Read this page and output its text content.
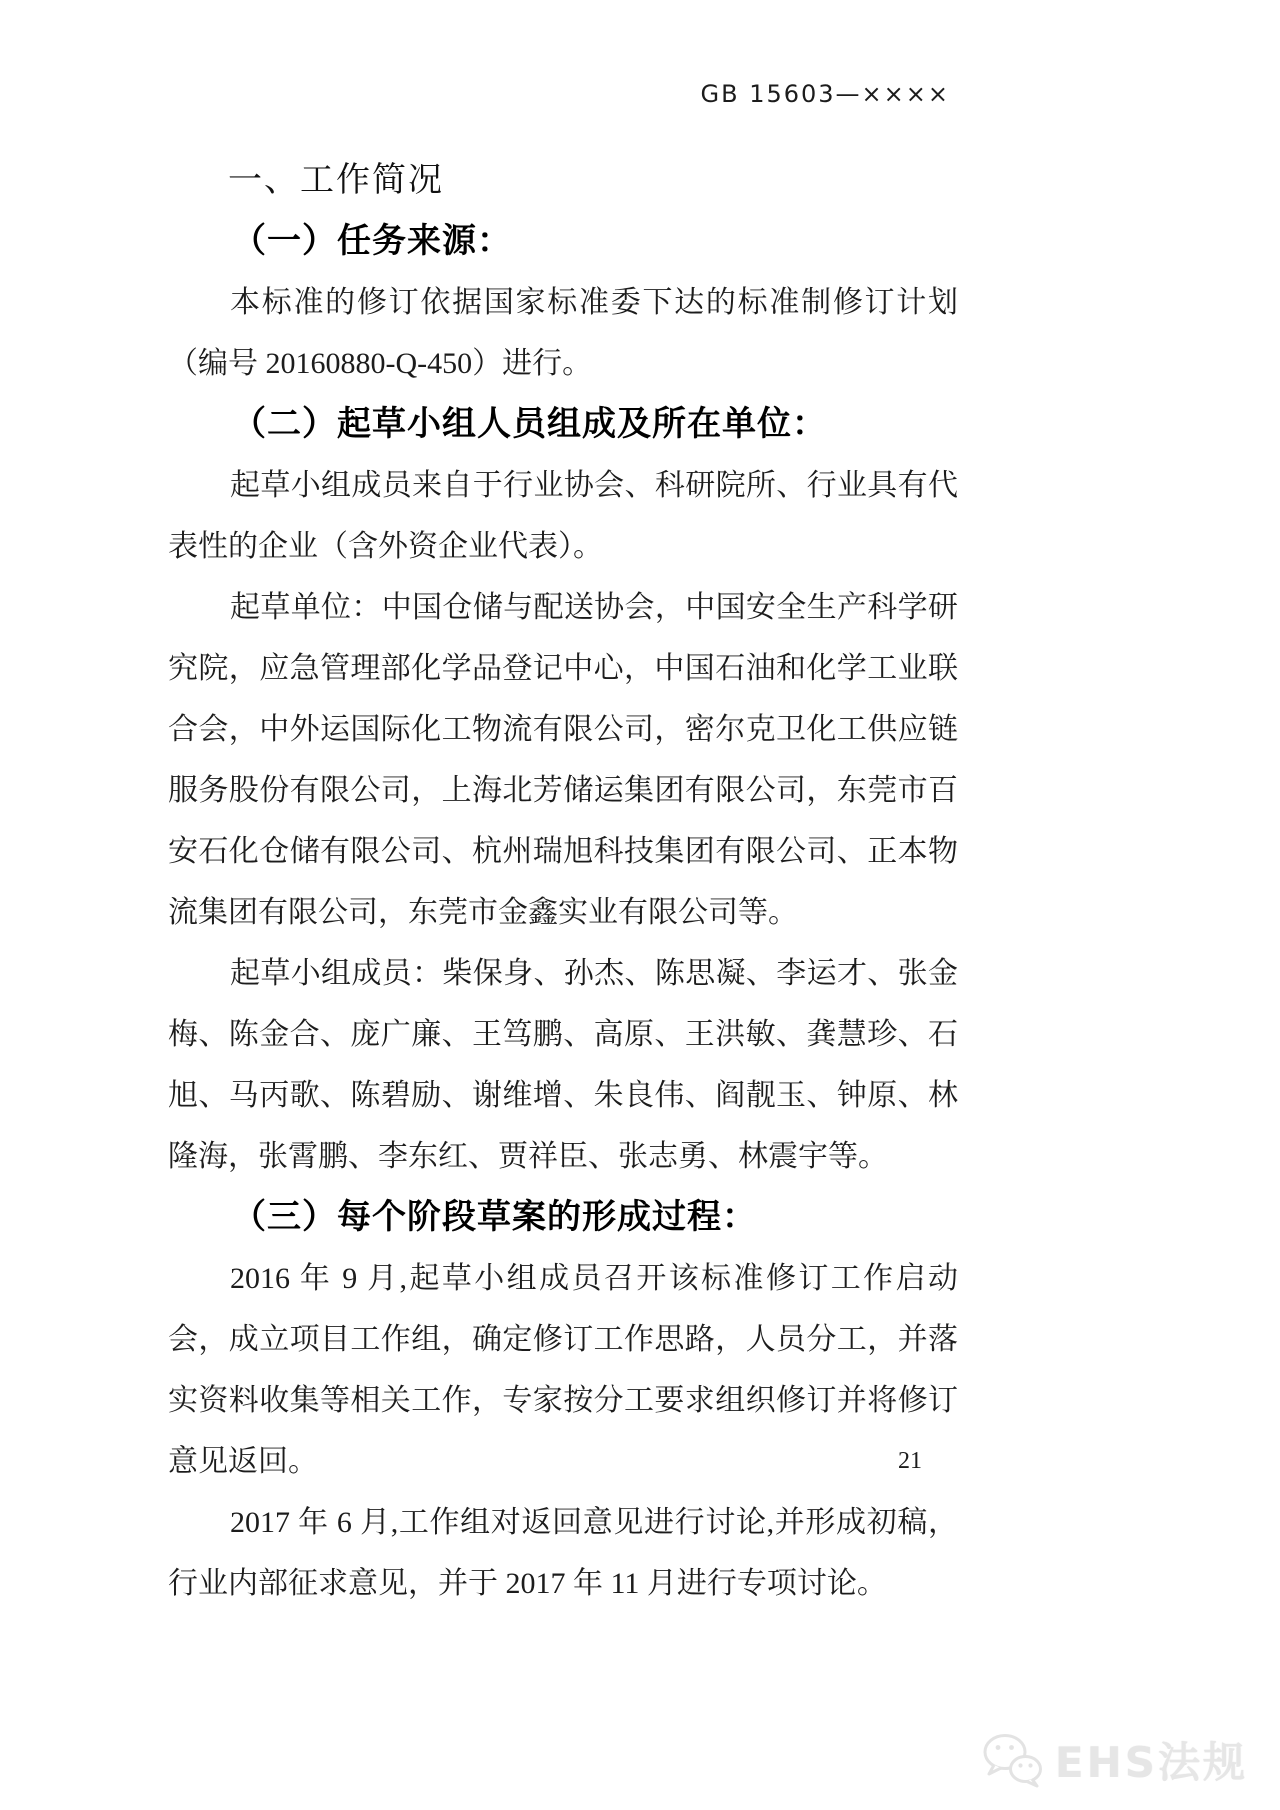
GB 15603—××××
一、工作简况
（一）任务来源：

本标准的修订依据国家标准委下达的标准制修订计划（编号 20160880-Q-450）进行。

（二）起草小组人员组成及所在单位：

起草小组成员来自于行业协会、科研院所、行业具有代表性的企业（含外资企业代表）。

起草单位：中国仓储与配送协会，中国安全生产科学研究院，应急管理部化学品登记中心，中国石油和化学工业联合会，中外运国际化工物流有限公司，密尔克卫化工供应链服务股份有限公司，上海北芳储运集团有限公司，东莞市百安石化仓储有限公司、杭州瑞旭科技集团有限公司、正本物流集团有限公司，东莞市金鑫实业有限公司等。

起草小组成员：柴保身、孙杰、陈思凝、李运才、张金梅、陈金合、庞广廉、王笃鹏、高原、王洪敏、龚慧珍、石旭、马丙歌、陈碧励、谢维增、朱良伟、阎靓玉、钟原、林隆海，张霄鹏、李东红、贾祥臣、张志勇、林震宇等。

（三）每个阶段草案的形成过程：

2016 年 9 月,起草小组成员召开该标准修订工作启动会，成立项目工作组，确定修订工作思路，人员分工，并落实资料收集等相关工作，专家按分工要求组织修订并将修订意见返回。

2017 年 6 月,工作组对返回意见进行讨论,并形成初稿，行业内部征求意见，并于 2017 年 11 月进行专项讨论。

21
EHS法规
